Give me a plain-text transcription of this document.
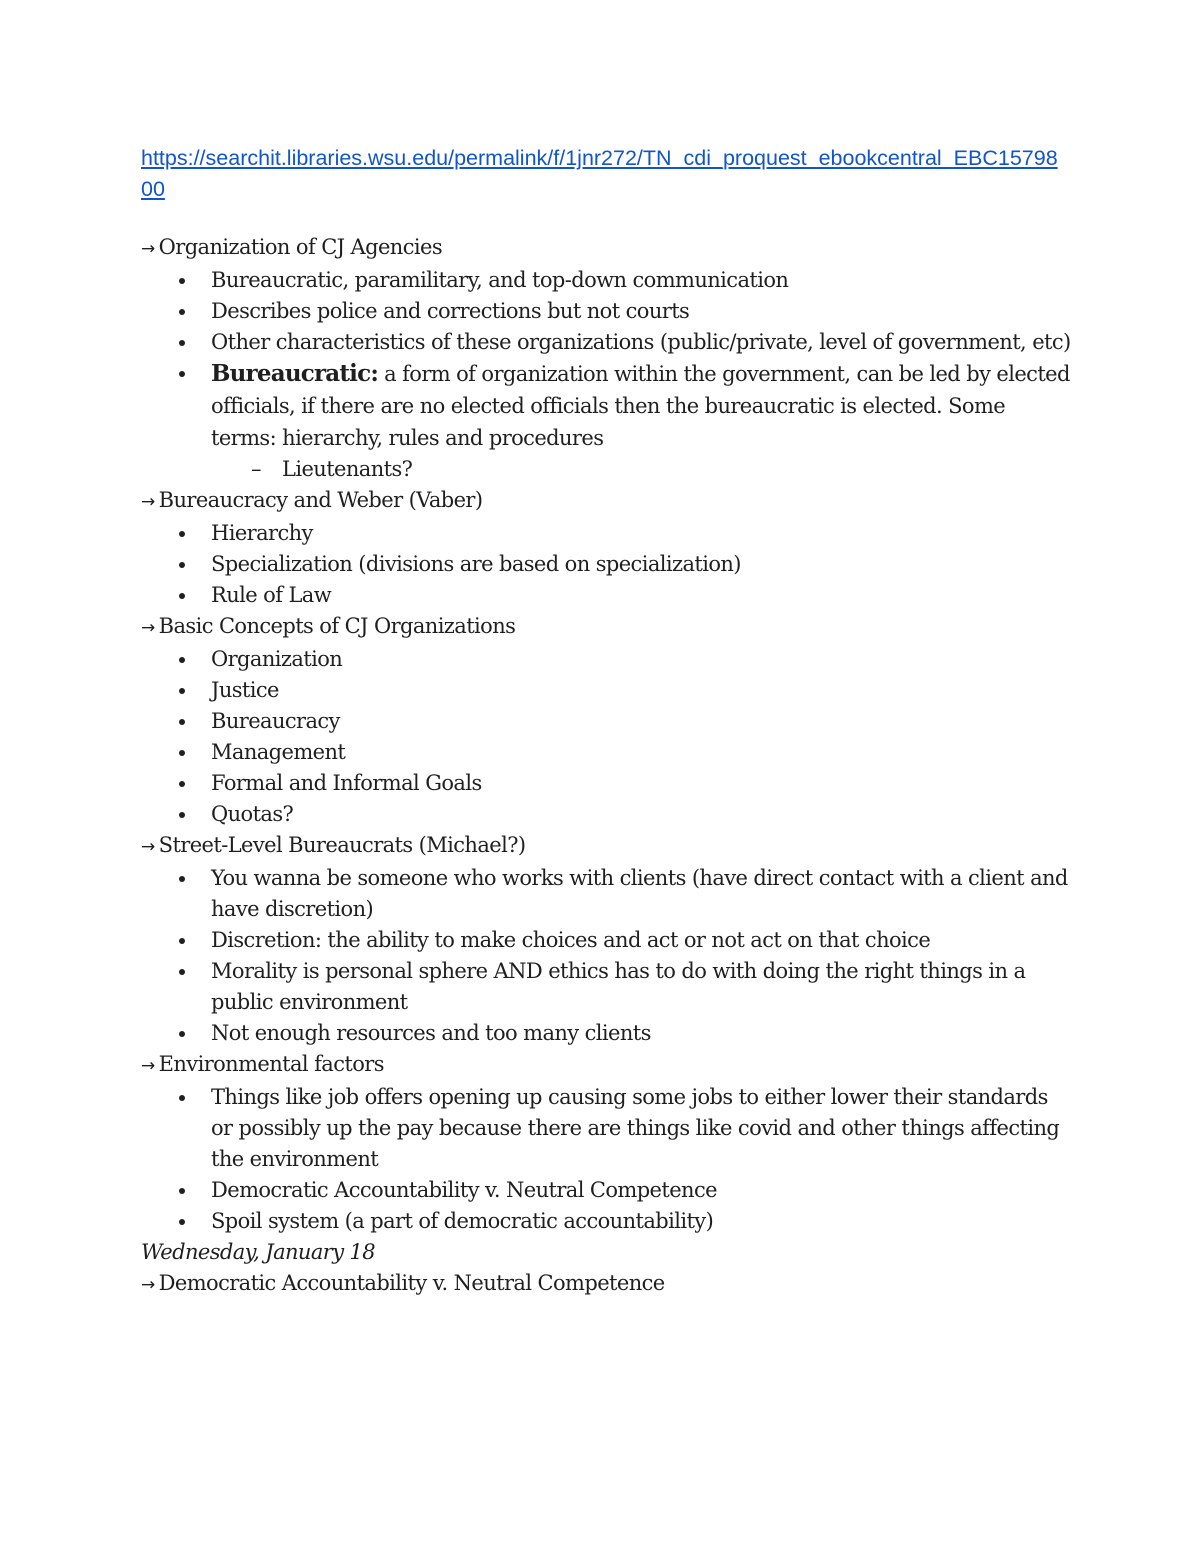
https://searchit.libraries.wsu.edu/permalink/f/1jnr272/TN_cdi_proquest_ebookcentral_EBC1579800
→ Organization of CJ Agencies
Bureaucratic, paramilitary, and top-down communication
Describes police and corrections but not courts
Other characteristics of these organizations (public/private, level of government, etc)
Bureaucratic: a form of organization within the government, can be led by elected officials, if there are no elected officials then the bureaucratic is elected. Some terms: hierarchy, rules and procedures
– Lieutenants?
→ Bureaucracy and Weber (Vaber)
Hierarchy
Specialization (divisions are based on specialization)
Rule of Law
→ Basic Concepts of CJ Organizations
Organization
Justice
Bureaucracy
Management
Formal and Informal Goals
Quotas?
→ Street-Level Bureaucrats (Michael?)
You wanna be someone who works with clients (have direct contact with a client and have discretion)
Discretion: the ability to make choices and act or not act on that choice
Morality is personal sphere AND ethics has to do with doing the right things in a public environment
Not enough resources and too many clients
→ Environmental factors
Things like job offers opening up causing some jobs to either lower their standards or possibly up the pay because there are things like covid and other things affecting the environment
Democratic Accountability v. Neutral Competence
Spoil system (a part of democratic accountability)
Wednesday, January 18
→ Democratic Accountability v. Neutral Competence
